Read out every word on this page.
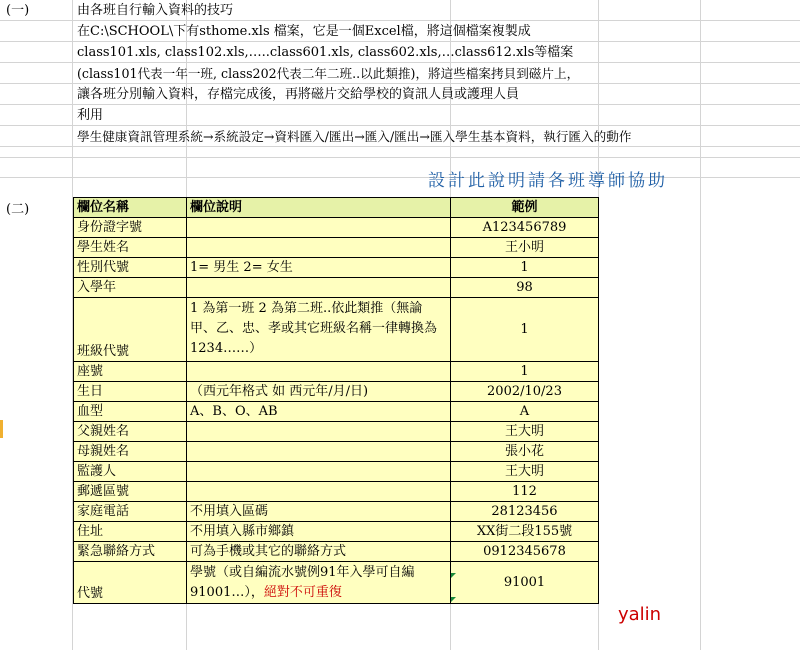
(一)	由各班自行輸入資料的技巧
在C:\SCHOOL\下有sthome.xls 檔案，它是一個Excel檔，將這個檔案複製成
class101.xls, class102.xls,…..class601.xls, class602.xls,…class612.xls等檔案
(class101代表一年一班, class202代表二年二班..以此類推)，將這些檔案拷貝到磁片上，
讓各班分別輸入資料，存檔完成後，再將磁片交給學校的資訊人員或護理人員
利用
學生健康資訊管理系統→系統設定→資料匯入/匯出→匯入/匯出→匯入學生基本資料，執行匯入的動作
設計此說明請各班導師協助
(二)	欄位名稱	欄位說明	範例
身份證字號		A123456789
學生姓名		王小明
性別代號	1= 男生 2= 女生	1
入學年		98
班級代號	1 為第一班 2 為第二班..依此類推（無論甲、乙、忠、孝或其它班級名稱一律轉換為1234……）	1
座號		1
生日	（西元年格式 如 西元年/月/日)	2002/10/23
血型	A、B、O、AB	A
父親姓名		王大明
母親姓名		張小花
監護人		王大明
郵遞區號		112
家庭電話	不用填入區碼	28123456
住址	不用填入縣市鄉鎮	XX街二段155號
緊急聯絡方式	可為手機或其它的聯絡方式	0912345678
代號	學號（或自編流水號例91年入學可自編91001…），絕對不可重復	91001
yalin
